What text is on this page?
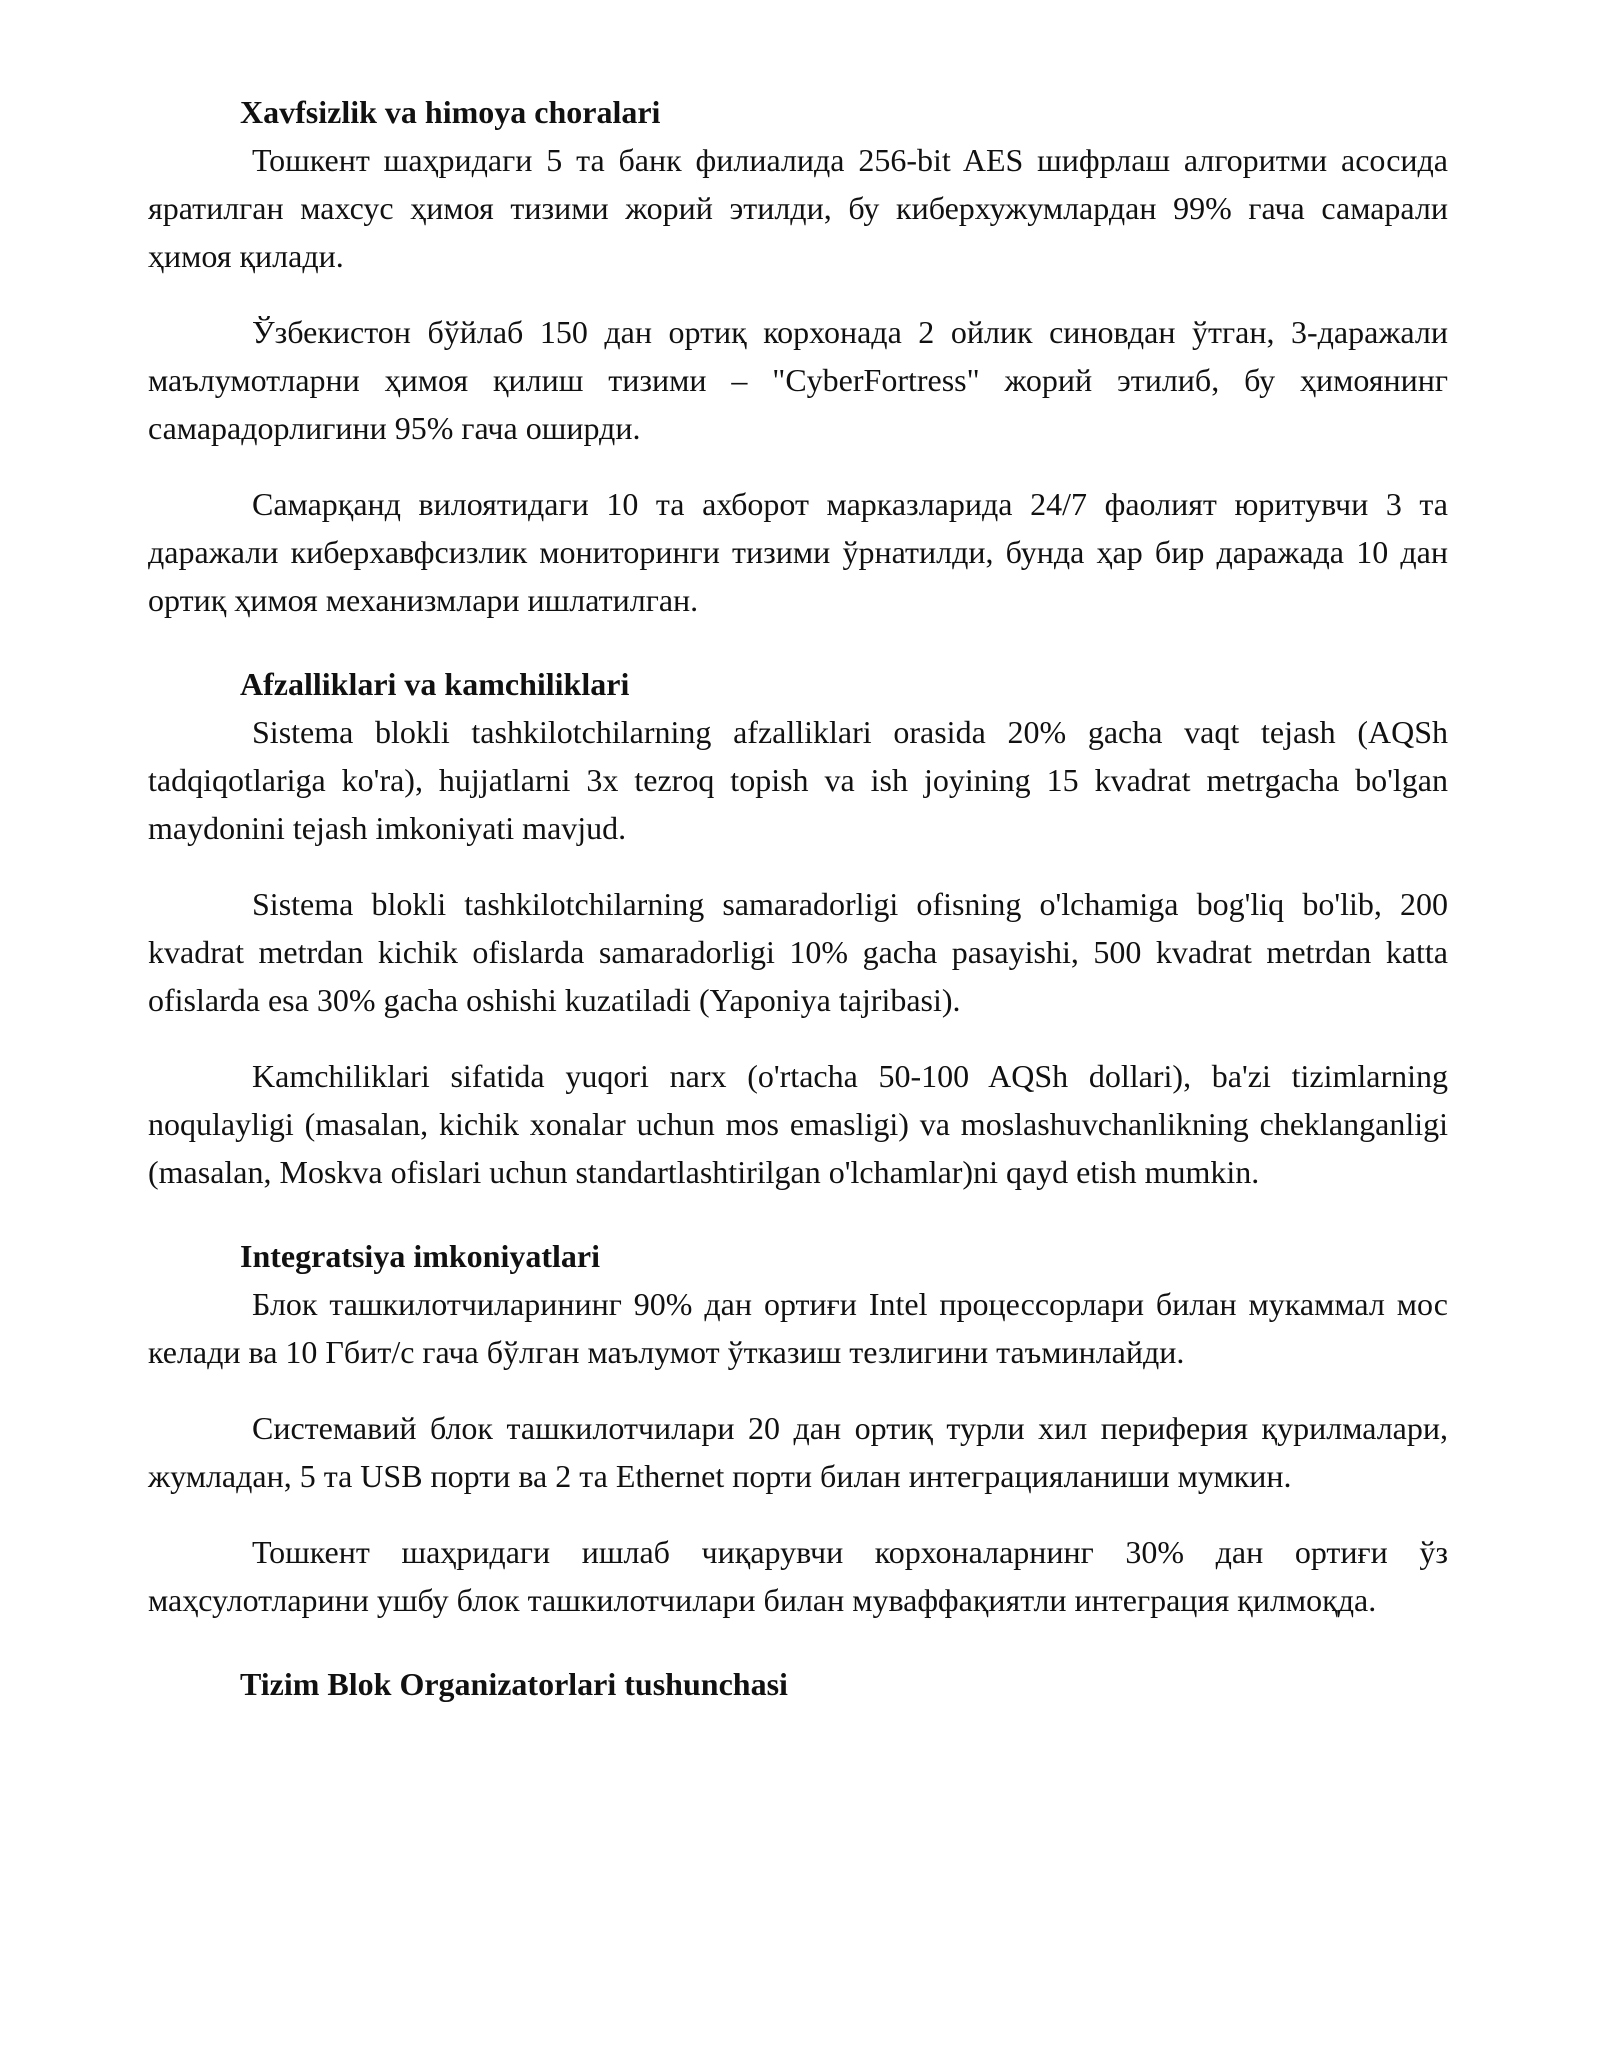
Xavfsizlik va himoya choralari

Тошкент шаҳридаги 5 та банк филиалида 256-bit AES шифрлаш алгоритми асосида яратилган махсус ҳимоя тизими жорий этилди, бу киберхужумлардан 99% гача самарали ҳимоя қилади.

Ўзбекистон бўйлаб 150 дан ортиқ корхонада 2 ойлик синовдан ўтган, 3-даражали маълумотларни ҳимоя қилиш тизими – "CyberFortress" жорий этилиб, бу ҳимоянинг самарадорлигини 95% гача оширди.

Самарқанд вилоятидаги 10 та ахборот марказларида 24/7 фаолият юритувчи 3 та даражали киберхавфсизлик мониторинги тизими ўрнатилди, бунда ҳар бир даражада 10 дан ортиқ ҳимоя механизмлари ишлатилган.

Afzalliklari va kamchiliklari

Sistema blokli tashkilotchilarning afzalliklari orasida 20% gacha vaqt tejash (AQSh tadqiqotlariga ko'ra), hujjatlarni 3x tezroq topish va ish joyining 15 kvadrat metrgacha bo'lgan maydonini tejash imkoniyati mavjud.

Sistema blokli tashkilotchilarning samaradorligi ofisning o'lchamiga bog'liq bo'lib, 200 kvadrat metrdan kichik ofislarda samaradorligi 10% gacha pasayishi, 500 kvadrat metrdan katta ofislarda esa 30% gacha oshishi kuzatiladi (Yaponiya tajribasi).

Kamchiliklari sifatida yuqori narx (o'rtacha 50-100 AQSh dollari), ba'zi tizimlarning noqulayligi (masalan, kichik xonalar uchun mos emasligi) va moslashuvchanlikning cheklanganligi (masalan, Moskva ofislari uchun standartlashtirilgan o'lchamlar)ni qayd etish mumkin.

Integratsiya imkoniyatlari

Блок ташкилотчиларининг 90% дан ортиғи Intel процессорлари билан мукаммал мос келади ва 10 Гбит/с гача бўлган маълумот ўтказиш тезлигини таъминлайди.

Системавий блок ташкилотчилари 20 дан ортиқ турли хил периферия қурилмалари, жумладан, 5 та USB порти ва 2 та Ethernet порти билан интеграцияланиши мумкин.

Тошкент шаҳридаги ишлаб чиқарувчи корхоналарнинг 30% дан ортиғи ўз маҳсулотларини ушбу блок ташкилотчилари билан муваффақиятли интеграция қилмоқда.

Tizim Blok Organizatorlari tushunchasi
